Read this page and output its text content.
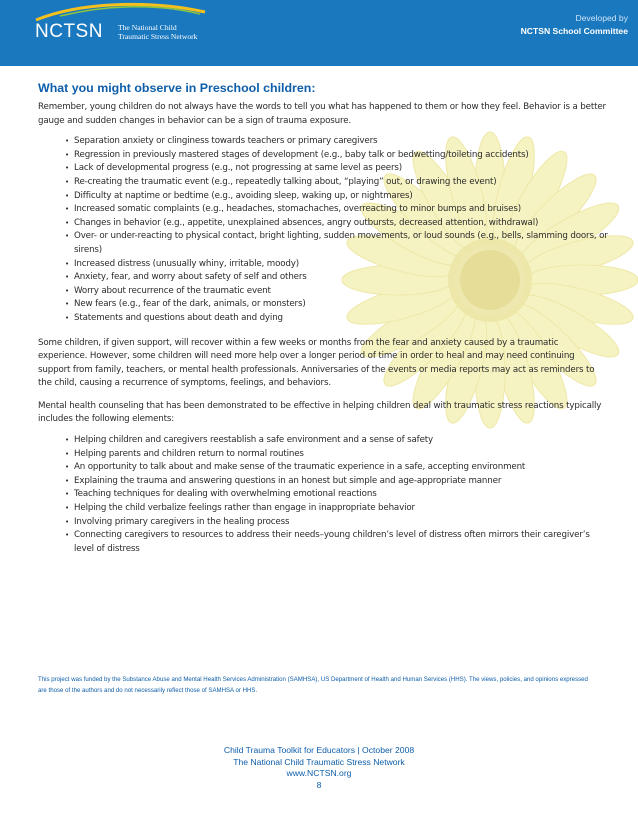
NCTSN The National Child
Traumatic Stress Network
Developed by
NCTSN School Committee
What you might observe in Preschool children:

Remember, young children do not always have the words to tell you what has happened to them or how they feel. Behavior is a better gauge and sudden changes in behavior can be a sign of trauma exposure.

• Separation anxiety or clinginess towards teachers or primary caregivers
• Regression in previously mastered stages of development (e.g., baby talk or bedwetting/toileting accidents)
• Lack of developmental progress (e.g., not progressing at same level as peers)
• Re-creating the traumatic event (e.g., repeatedly talking about, “playing” out, or drawing the event)
• Difficulty at naptime or bedtime (e.g., avoiding sleep, waking up, or nightmares)
• Increased somatic complaints (e.g., headaches, stomachaches, overreacting to minor bumps and bruises)
• Changes in behavior (e.g., appetite, unexplained absences, angry outbursts, decreased attention, withdrawal)
• Over- or under-reacting to physical contact, bright lighting, sudden movements, or loud sounds (e.g., bells, slamming doors, or sirens)
• Increased distress (unusually whiny, irritable, moody)
• Anxiety, fear, and worry about safety of self and others
• Worry about recurrence of the traumatic event
• New fears (e.g., fear of the dark, animals, or monsters)
• Statements and questions about death and dying

Some children, if given support, will recover within a few weeks or months from the fear and anxiety caused by a traumatic experience. However, some children will need more help over a longer period of time in order to heal and may need continuing support from family, teachers, or mental health professionals. Anniversaries of the events or media reports may act as reminders to the child, causing a recurrence of symptoms, feelings, and behaviors.

Mental health counseling that has been demonstrated to be effective in helping children deal with traumatic stress reactions typically includes the following elements:

• Helping children and caregivers reestablish a safe environment and a sense of safety
• Helping parents and children return to normal routines
• An opportunity to talk about and make sense of the traumatic experience in a safe, accepting environment
• Explaining the trauma and answering questions in an honest but simple and age-appropriate manner
• Teaching techniques for dealing with overwhelming emotional reactions
• Helping the child verbalize feelings rather than engage in inappropriate behavior
• Involving primary caregivers in the healing process
• Connecting caregivers to resources to address their needs–young children’s level of distress often mirrors their caregiver’s level of distress
This project was funded by the Substance Abuse and Mental Health Services Administration (SAMHSA), US Department of Health and Human Services (HHS). The views, policies, and opinions expressed are those of the authors and do not necessarily reflect those of SAMHSA or HHS.
Child Trauma Toolkit for Educators | October 2008
The National Child Traumatic Stress Network
www.NCTSN.org
8
